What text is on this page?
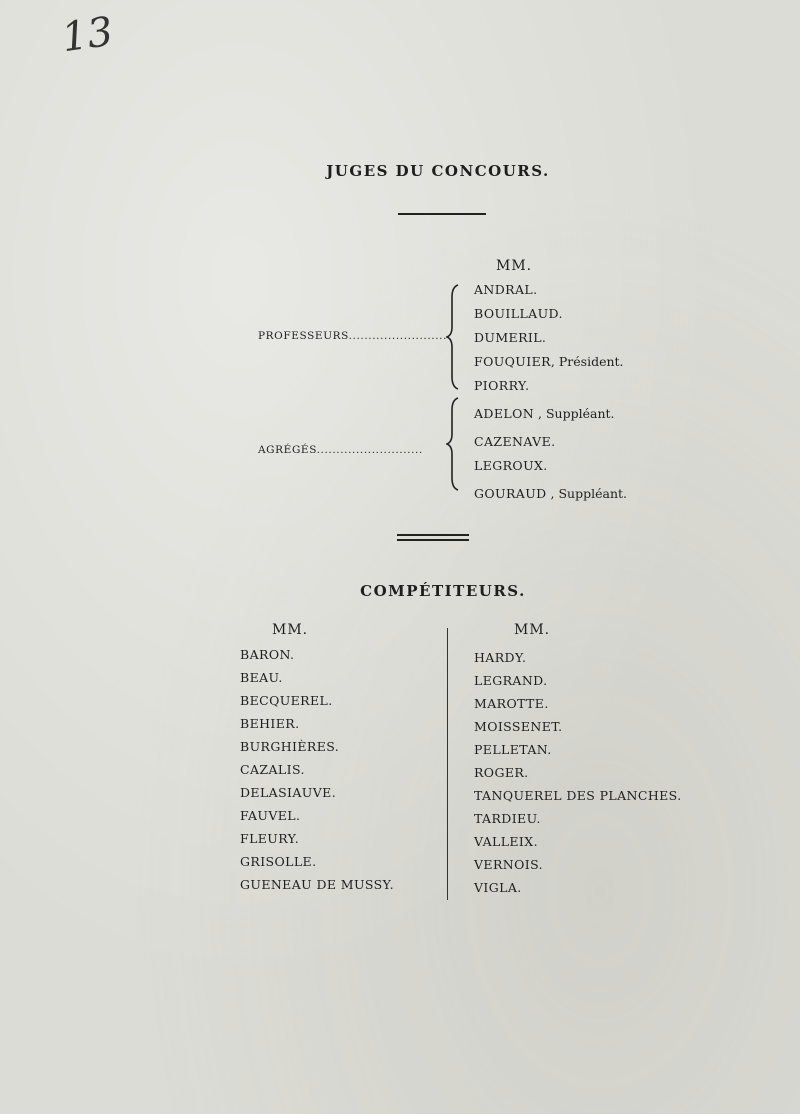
13
JUGES DU CONCOURS.
MM.
PROFESSEURS.........................
ANDRAL.
BOUILLAUD.
DUMERIL.
FOUQUIER, Président.
PIORRY.
AGRÉGÉS...........................
ADELON , Suppléant.
CAZENAVE.
LEGROUX.
GOURAUD , Suppléant.
COMPÉTITEURS.
MM.	MM.
BARON.
BEAU.
BECQUEREL.
BEHIER.
BURGHIÈRES.
CAZALIS.
DELASIAUVE.
FAUVEL.
FLEURY.
GRISOLLE.
GUENEAU DE MUSSY.
HARDY.
LEGRAND.
MAROTTE.
MOISSENET.
PELLETAN.
ROGER.
TANQUEREL DES PLANCHES.
TARDIEU.
VALLEIX.
VERNOIS.
VIGLA.
